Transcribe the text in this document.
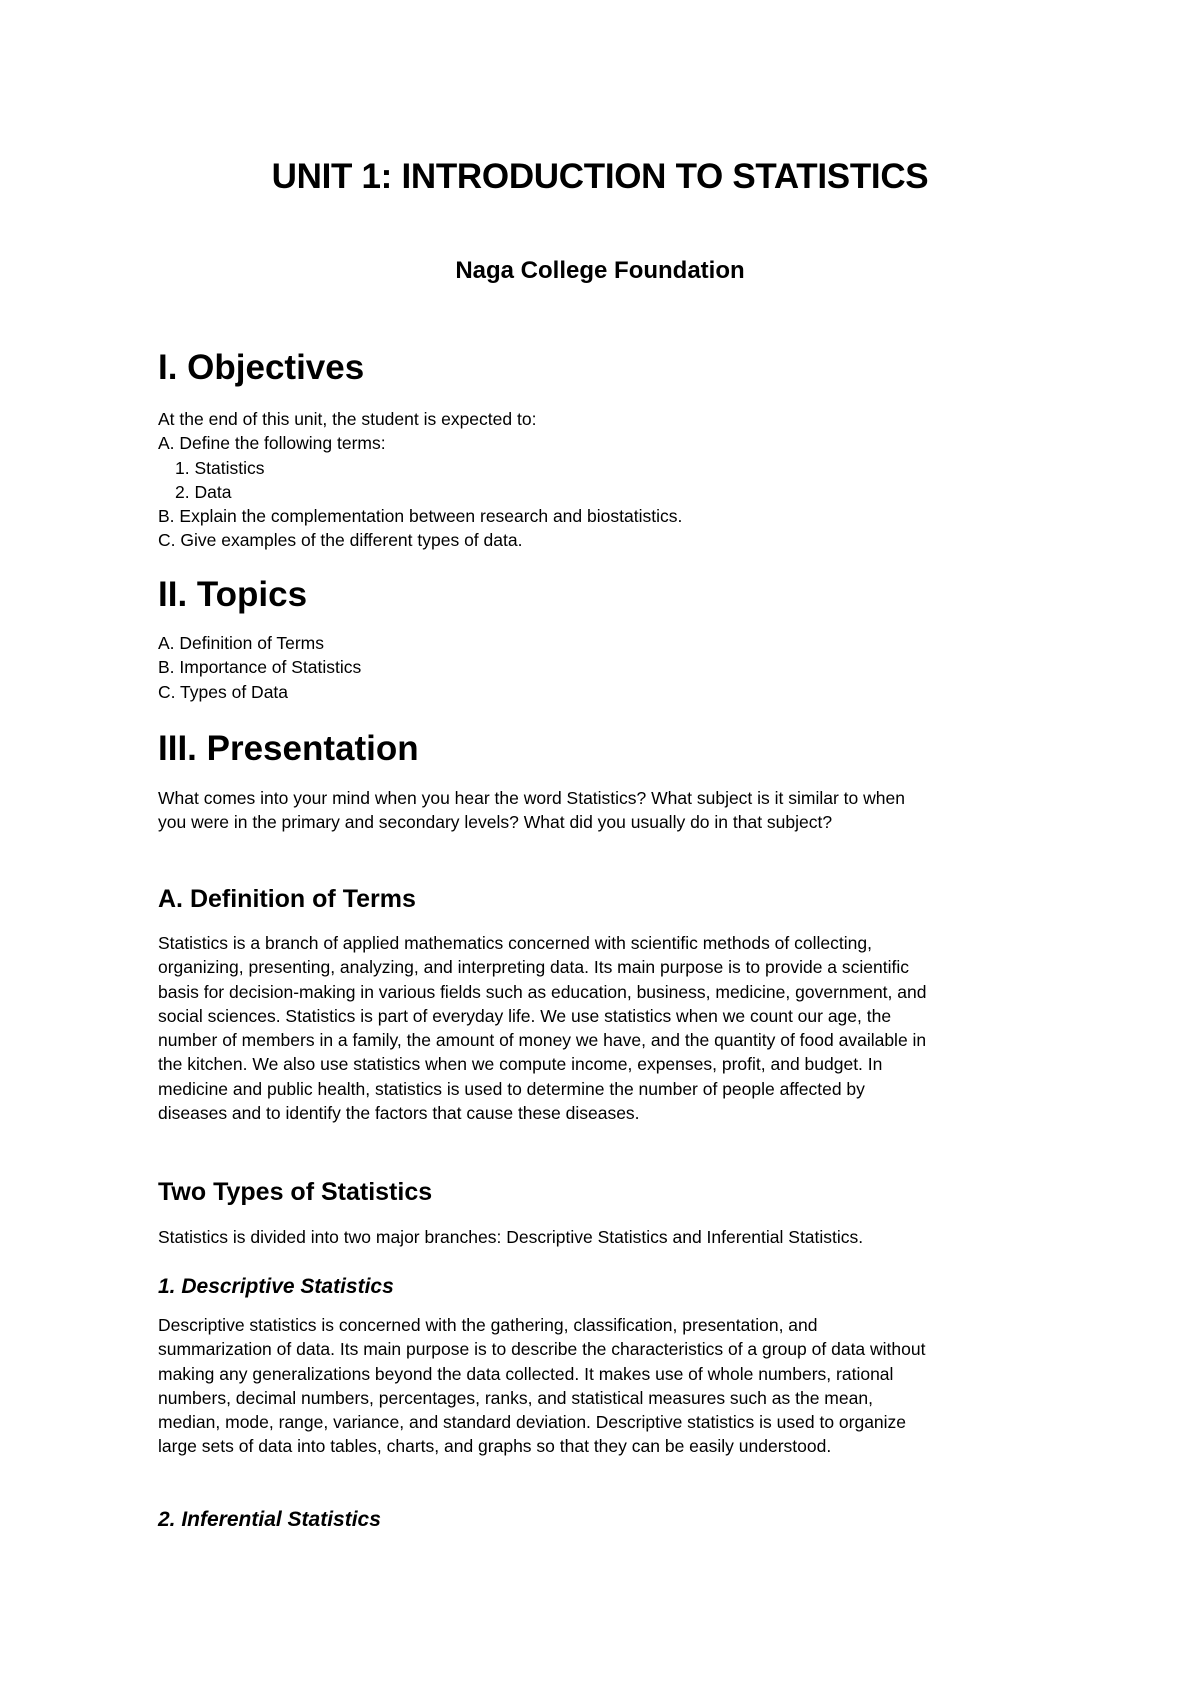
UNIT 1: INTRODUCTION TO STATISTICS
Naga College Foundation
I. Objectives
At the end of this unit, the student is expected to:
A. Define the following terms:
1. Statistics
2. Data
B. Explain the complementation between research and biostatistics.
C. Give examples of the different types of data.
II. Topics
A. Definition of Terms
B. Importance of Statistics
C. Types of Data
III. Presentation
What comes into your mind when you hear the word Statistics? What subject is it similar to when
you were in the primary and secondary levels? What did you usually do in that subject?
A. Definition of Terms
Statistics is a branch of applied mathematics concerned with scientific methods of collecting,
organizing, presenting, analyzing, and interpreting data. Its main purpose is to provide a scientific
basis for decision-making in various fields such as education, business, medicine, government, and
social sciences. Statistics is part of everyday life. We use statistics when we count our age, the
number of members in a family, the amount of money we have, and the quantity of food available in
the kitchen. We also use statistics when we compute income, expenses, profit, and budget. In
medicine and public health, statistics is used to determine the number of people affected by
diseases and to identify the factors that cause these diseases.
Two Types of Statistics
Statistics is divided into two major branches: Descriptive Statistics and Inferential Statistics.
1. Descriptive Statistics
Descriptive statistics is concerned with the gathering, classification, presentation, and
summarization of data. Its main purpose is to describe the characteristics of a group of data without
making any generalizations beyond the data collected. It makes use of whole numbers, rational
numbers, decimal numbers, percentages, ranks, and statistical measures such as the mean,
median, mode, range, variance, and standard deviation. Descriptive statistics is used to organize
large sets of data into tables, charts, and graphs so that they can be easily understood.
2. Inferential Statistics
